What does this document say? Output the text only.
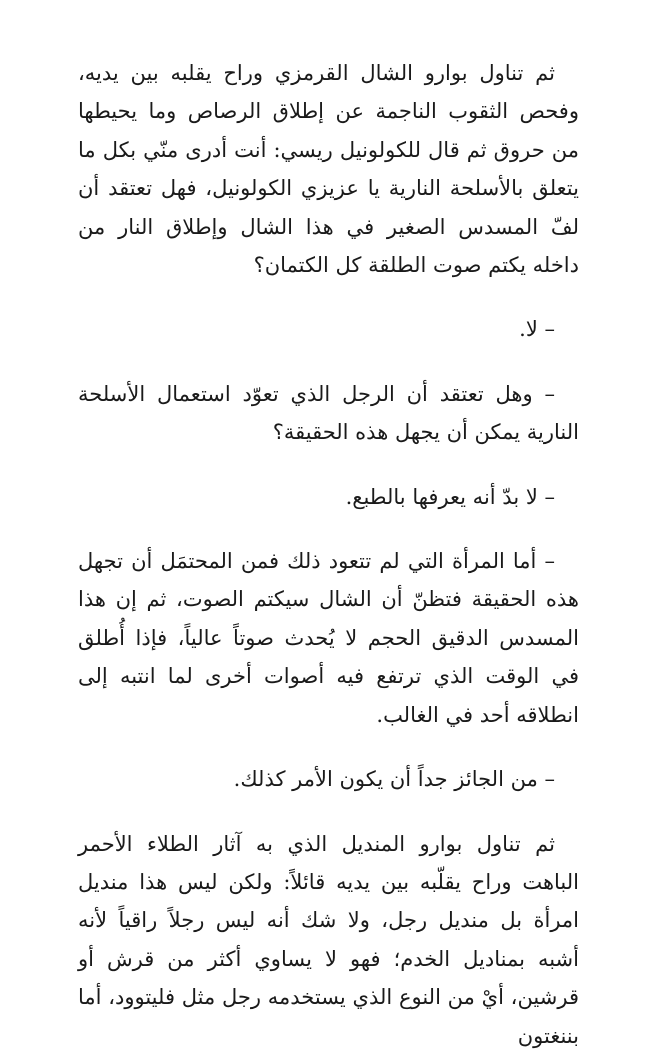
ثم تناول بوارو الشال القرمزي وراح يقلبه بين يديه، وفحص الثقوب الناجمة عن إطلاق الرصاص وما يحيطها من حروق ثم قال للكولونيل ريسي: أنت أدرى منّي بكل ما يتعلق بالأسلحة النارية يا عزيزي الكولونيل، فهل تعتقد أن لفّ المسدس الصغير في هذا الشال وإطلاق النار من داخله يكتم صوت الطلقة كل الكتمان؟

– لا.

– وهل تعتقد أن الرجل الذي تعوّد استعمال الأسلحة النارية يمكن أن يجهل هذه الحقيقة؟

– لا بدّ أنه يعرفها بالطبع.

– أما المرأة التي لم تتعود ذلك فمن المحتمَل أن تجهل هذه الحقيقة فتظنّ أن الشال سيكتم الصوت، ثم إن هذا المسدس الدقيق الحجم لا يُحدث صوتاً عالياً، فإذا أُطلق في الوقت الذي ترتفع فيه أصوات أخرى لما انتبه إلى انطلاقه أحد في الغالب.

– من الجائز جداً أن يكون الأمر كذلك.

ثم تناول بوارو المنديل الذي به آثار الطلاء الأحمر الباهت وراح يقلّبه بين يديه قائلاً: ولكن ليس هذا منديل امرأة بل منديل رجل، ولا شك أنه ليس رجلاً راقياً لأنه أشبه بمناديل الخدم؛ فهو لا يساوي أكثر من قرش أو قرشين، أيْ من النوع الذي يستخدمه رجل مثل فليتوود، أما بننغتون
